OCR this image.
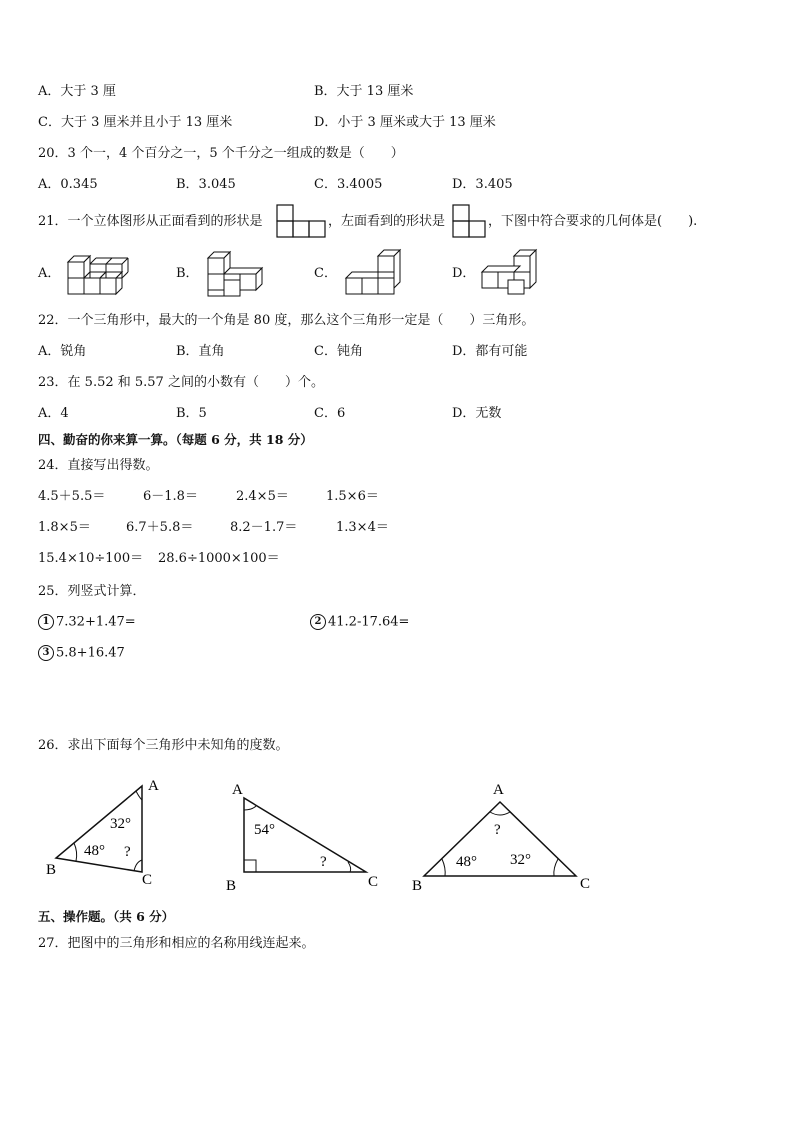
A．大于 3 厘	B．大于 13 厘米
C．大于 3 厘米并且小于 13 厘米	D．小于 3 厘米或大于 13 厘米
20．3 个一，4 个百分之一，5 个千分之一组成的数是（　　）
A．0.345	B．3.045	C．3.4005	D．3.405
21．一个立体图形从正面看到的形状是	，左面看到的形状是	，下图中符合要求的几何体是(　　).
A．	B．	C．	D．
22．一个三角形中，最大的一个角是 80 度，那么这个三角形一定是（　　）三角形。
A．锐角	B．直角	C．钝角	D．都有可能
23．在 5.52 和 5.57 之间的小数有（　　）个。
A．4	B．5	C．6	D．无数
四、勤奋的你来算一算。（每题 6 分，共 18 分）
24．直接写出得数。
4.5＋5.5＝	6－1.8＝	2.4×5＝	1.5×6＝
1.8×5＝	6.7＋5.8＝	8.2－1.7＝	1.3×4＝
15.4×10÷100＝ 28.6÷1000×100＝
25．列竖式计算．
1 7.32+1.47=	2 41.2-17.64=
3 5.8+16.47
26．求出下面每个三角形中未知角的度数。
A
B
C
32°
48° ?
A
B	C
54°
?
A
B	C
?
48° 32°
五、操作题。（共 6 分）
27．把图中的三角形和相应的名称用线连起来。
